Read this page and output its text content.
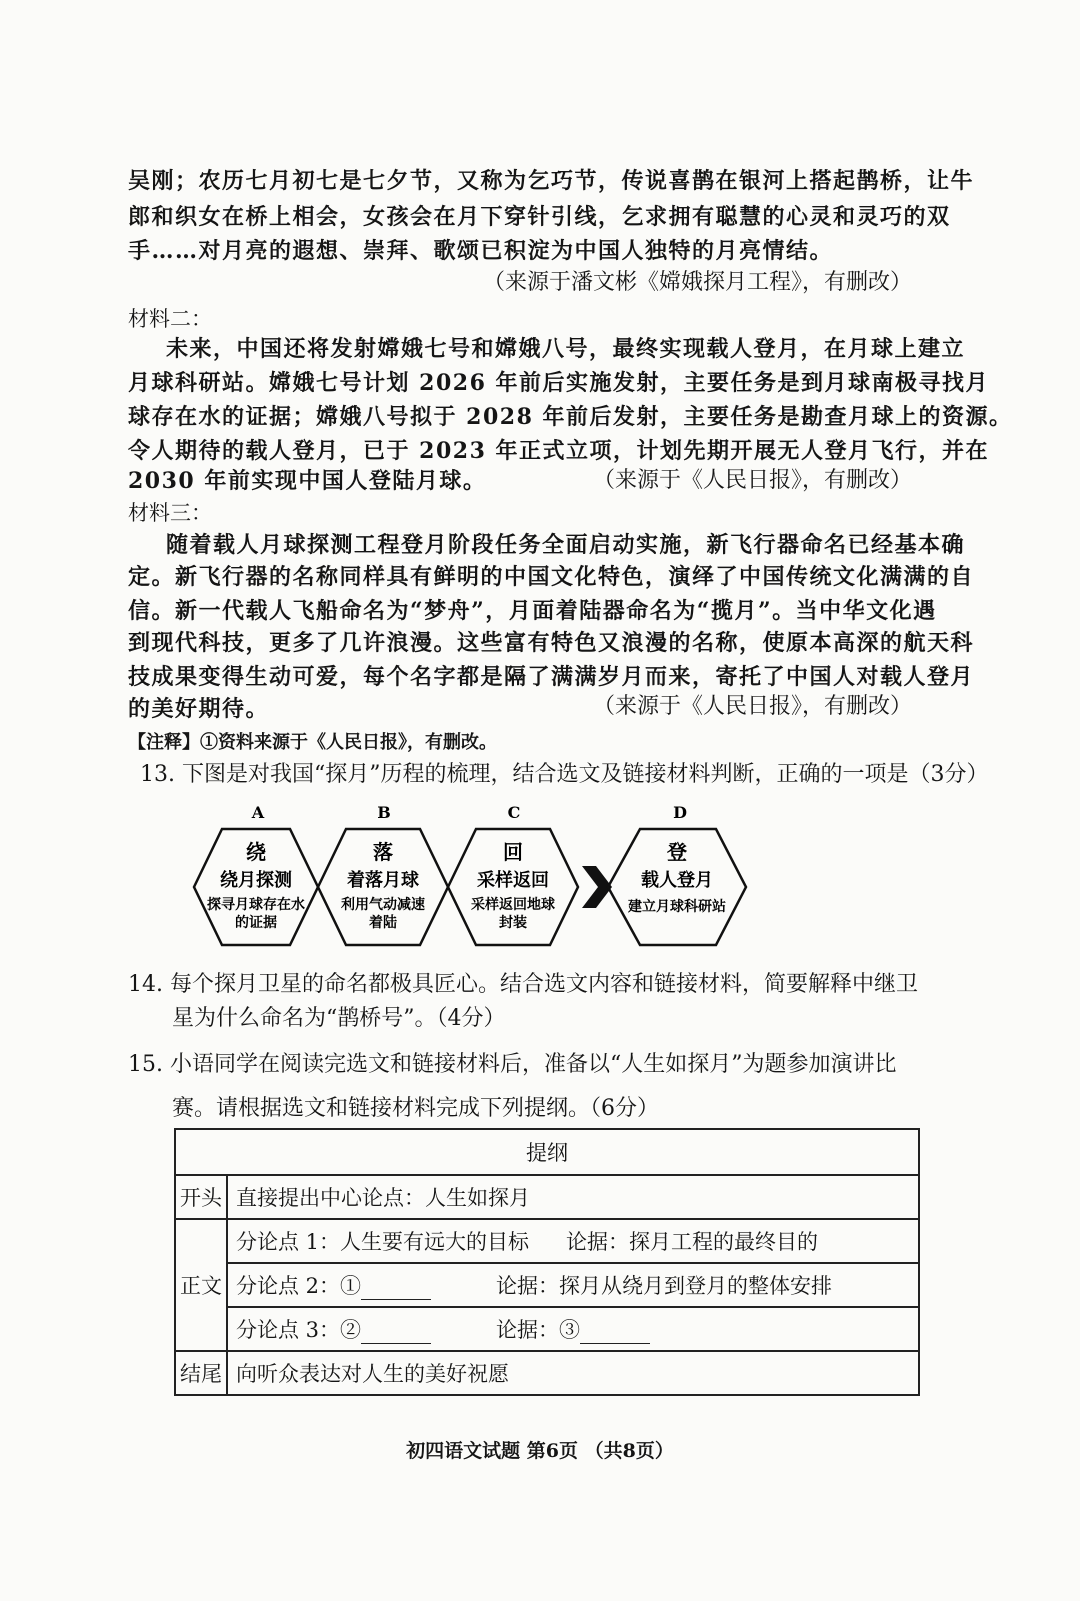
吴刚；农历七月初七是七夕节，又称为乞巧节，传说喜鹊在银河上搭起鹊桥，让牛
郎和织女在桥上相会，女孩会在月下穿针引线，乞求拥有聪慧的心灵和灵巧的双
手……对月亮的遐想、崇拜、歌颂已积淀为中国人独特的月亮情结。
（来源于潘文彬《嫦娥探月工程》，有删改）
材料二：
未来，中国还将发射嫦娥七号和嫦娥八号，最终实现载人登月，在月球上建立
月球科研站。嫦娥七号计划 2026 年前后实施发射，主要任务是到月球南极寻找月
球存在水的证据；嫦娥八号拟于 2028 年前后发射，主要任务是勘查月球上的资源。
令人期待的载人登月，已于 2023 年正式立项，计划先期开展无人登月飞行，并在
2030 年前实现中国人登陆月球。	（来源于《人民日报》，有删改）
材料三：
随着载人月球探测工程登月阶段任务全面启动实施，新飞行器命名已经基本确
定。新飞行器的名称同样具有鲜明的中国文化特色，演绎了中国传统文化满满的自
信。新一代载人飞船命名为“梦舟”，月面着陆器命名为“揽月”。当中华文化遇
到现代科技，更多了几许浪漫。这些富有特色又浪漫的名称，使原本高深的航天科
技成果变得生动可爱，每个名字都是隔了满满岁月而来，寄托了中国人对载人登月
的美好期待。	（来源于《人民日报》，有删改）
【注释】①资料来源于《人民日报》，有删改。
13. 下图是对我国“探月”历程的梳理，结合选文及链接材料判断，正确的一项是（3分）
A	B	C	D
绕
绕月探测
探寻月球存在水
的证据
落
着落月球
利用气动减速
着陆
回
采样返回
采样返回地球
封装
登
载人登月
建立月球科研站
14. 每个探月卫星的命名都极具匠心。结合选文内容和链接材料，简要解释中继卫
星为什么命名为“鹊桥号”。（4分）
15. 小语同学在阅读完选文和链接材料后，准备以“人生如探月”为题参加演讲比
赛。请根据选文和链接材料完成下列提纲。（6分）
提纲	
开头	直接提出中心论点：人生如探月
正文	分论点 1：人生要有远大的目标 论据：探月工程的最终目的
	分论点 2：① 论据：探月从绕月到登月的整体安排
	分论点 3：② 论据：③
结尾	向听众表达对人生的美好祝愿
初四语文试题 第6页 （共8页）
